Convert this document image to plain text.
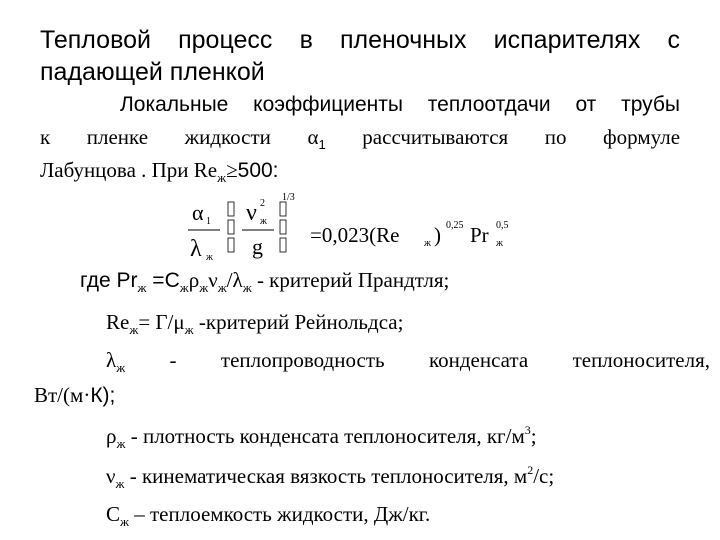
Тепловой процесс в пленочных испарителях с
падающей пленкой
Локальные коэффициенты теплоотдачи от трубы
к пленке жидкости $\alpha_1$ рассчитываются по формуле
Лабунцова . При $Re_ж\ge 500$:
α 1
λ ж
ν 2
ж
g
1/3
=0,023(Re ж ) 0,25 Pr ж
0,5
где $Pr_ж =С_ж\rho_ж\nu_ж/\lambda_ж$ - критерий Прандтля;
$Re_ж= Г/\mu_ж$ -критерий Рейнольдса;
$\lambda_ж$ - теплопроводность конденсата теплоносителя,
Вт/(м·К);
$\rho_ж$ - плотность конденсата теплоносителя, $кг/м^3$;
$\nu_ж$ - кинематическая вязкость теплоносителя, $м^2/с$;
$С_ж$ – теплоемкость жидкости, Дж/кг.
